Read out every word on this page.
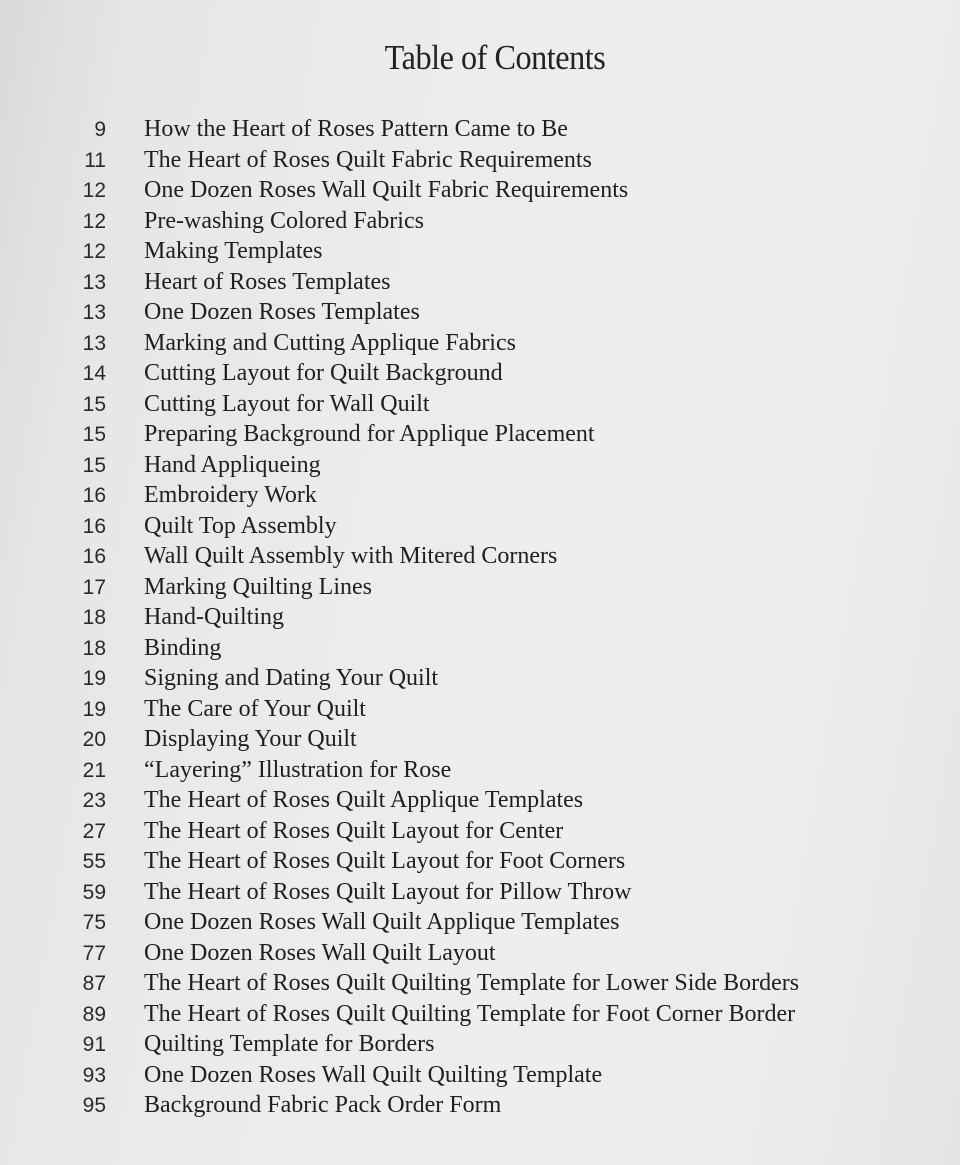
Table of Contents
9 How the Heart of Roses Pattern Came to Be
11 The Heart of Roses Quilt Fabric Requirements
12 One Dozen Roses Wall Quilt Fabric Requirements
12 Pre-washing Colored Fabrics
12 Making Templates
13 Heart of Roses Templates
13 One Dozen Roses Templates
13 Marking and Cutting Applique Fabrics
14 Cutting Layout for Quilt Background
15 Cutting Layout for Wall Quilt
15 Preparing Background for Applique Placement
15 Hand Appliqueing
16 Embroidery Work
16 Quilt Top Assembly
16 Wall Quilt Assembly with Mitered Corners
17 Marking Quilting Lines
18 Hand-Quilting
18 Binding
19 Signing and Dating Your Quilt
19 The Care of Your Quilt
20 Displaying Your Quilt
21 “Layering” Illustration for Rose
23 The Heart of Roses Quilt Applique Templates
27 The Heart of Roses Quilt Layout for Center
55 The Heart of Roses Quilt Layout for Foot Corners
59 The Heart of Roses Quilt Layout for Pillow Throw
75 One Dozen Roses Wall Quilt Applique Templates
77 One Dozen Roses Wall Quilt Layout
87 The Heart of Roses Quilt Quilting Template for Lower Side Borders
89 The Heart of Roses Quilt Quilting Template for Foot Corner Border
91 Quilting Template for Borders
93 One Dozen Roses Wall Quilt Quilting Template
95 Background Fabric Pack Order Form
